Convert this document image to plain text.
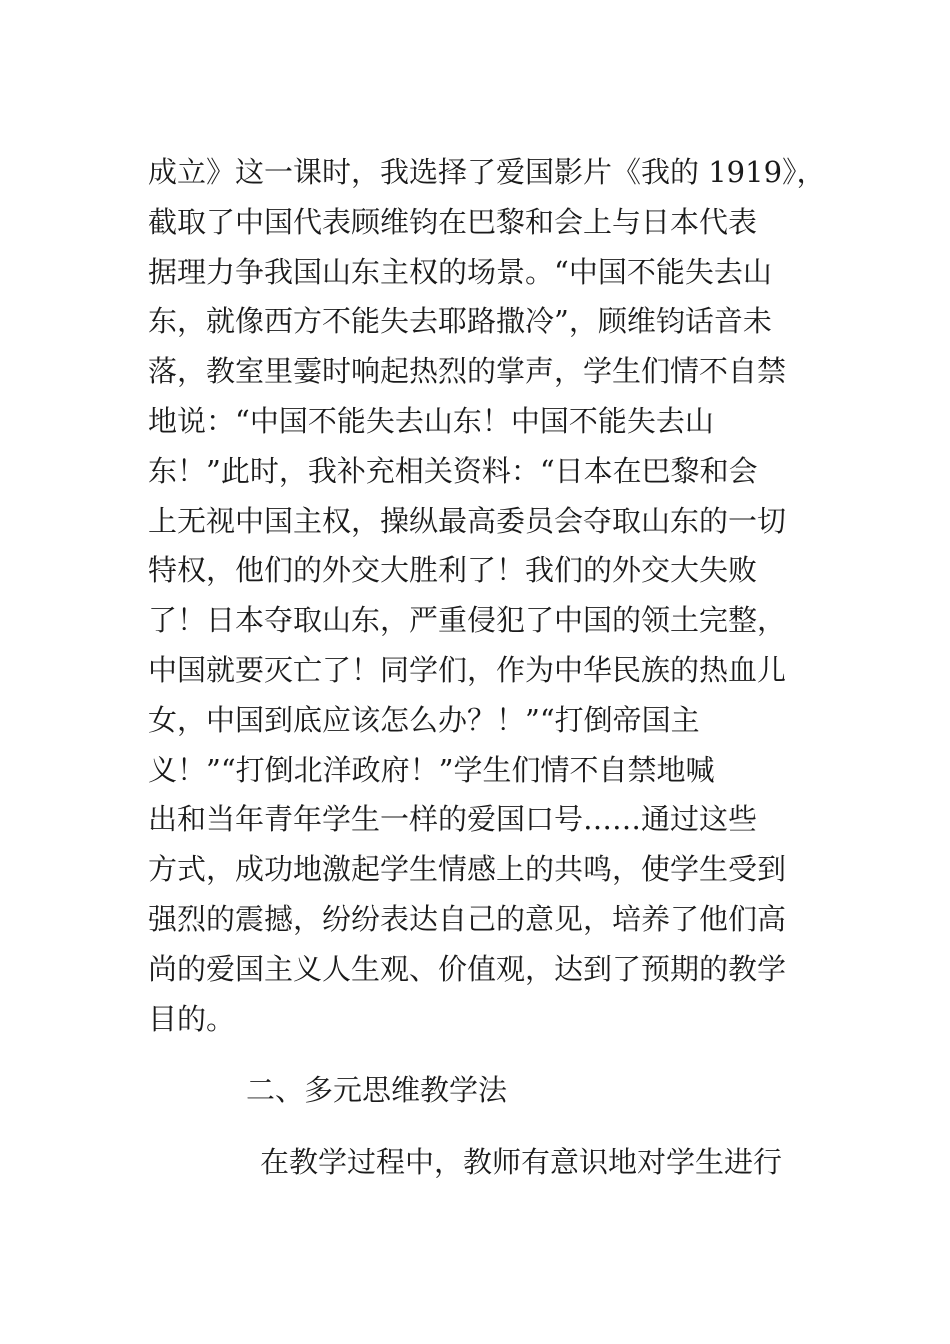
成立》这一课时，我选择了爱国影片《我的 1919》，
截取了中国代表顾维钧在巴黎和会上与日本代表
据理力争我国山东主权的场景。“中国不能失去山
东，就像西方不能失去耶路撒冷”，顾维钧话音未
落，教室里霎时响起热烈的掌声，学生们情不自禁
地说：“中国不能失去山东！中国不能失去山
东！”此时，我补充相关资料：“日本在巴黎和会
上无视中国主权，操纵最高委员会夺取山东的一切
特权，他们的外交大胜利了！我们的外交大失败
了！日本夺取山东，严重侵犯了中国的领土完整，
中国就要灭亡了！同学们，作为中华民族的热血儿
女，中国到底应该怎么办？！”“打倒帝国主
义！”“打倒北洋政府！”学生们情不自禁地喊
出和当年青年学生一样的爱国口号……通过这些
方式，成功地激起学生情感上的共鸣，使学生受到
强烈的震撼，纷纷表达自己的意见，培养了他们高
尚的爱国主义人生观、价值观，达到了预期的教学
目的。
二、多元思维教学法
在教学过程中，教师有意识地对学生进行
